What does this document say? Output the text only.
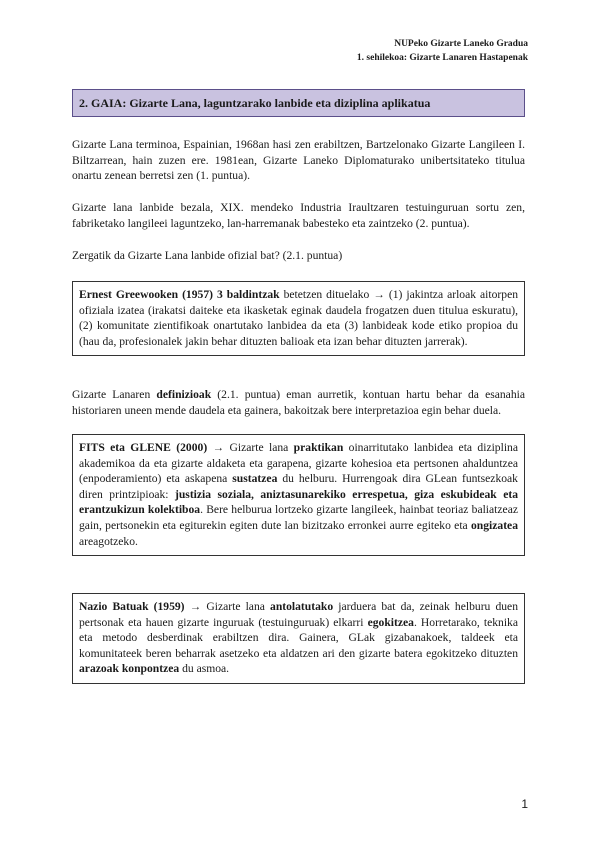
NUPeko Gizarte Laneko Gradua
1. sehilekoa: Gizarte Lanaren Hastapenak
2. GAIA: Gizarte Lana, laguntzarako lanbide eta diziplina aplikatua

Gizarte Lana terminoa, Espainian, 1968an hasi zen erabiltzen, Bartzelonako Gizarte Langileen I. Biltzarrean, hain zuzen ere. 1981ean, Gizarte Laneko Diplomaturako unibertsitateko titulua onartu zenean berretsi zen (1. puntua).

Gizarte lana lanbide bezala, XIX. mendeko Industria Iraultzaren testuinguruan sortu zen, fabriketako langileei laguntzeko, lan-harremanak babesteko eta zaintzeko (2. puntua).

Zergatik da Gizarte Lana lanbide ofizial bat? (2.1. puntua)

Ernest Greewooken (1957) 3 baldintzak betetzen dituelako → (1) jakintza arloak aitorpen ofiziala izatea (irakatsi daiteke eta ikasketak eginak daudela frogatzen duen titulua eskuratu), (2) komunitate zientifikoak onartutako lanbidea da eta (3) lanbideak kode etiko propioa du (hau da, profesionalek jakin behar dituzten balioak eta izan behar dituzten jarrerak).

Gizarte Lanaren definizioak (2.1. puntua) eman aurretik, kontuan hartu behar da esanahia historiaren uneen mende daudela eta gainera, bakoitzak bere interpretazioa egin behar duela.

FITS eta GLENE (2000) → Gizarte lana praktikan oinarritutako lanbidea eta diziplina akademikoa da eta gizarte aldaketa eta garapena, gizarte kohesioa eta pertsonen ahalduntzea (enpoderamiento) eta askapena sustatzea du helburu. Hurrengoak dira GLean funtsezkoak diren printzipioak: justizia soziala, aniztasunarekiko errespetua, giza eskubideak eta erantzukizun kolektiboa. Bere helburua lortzeko gizarte langileek, hainbat teoriaz baliatzeaz gain, pertsonekin eta egiturekin egiten dute lan bizitzako erronkei aurre egiteko eta ongizatea areagotzeko.

Nazio Batuak (1959) → Gizarte lana antolatutako jarduera bat da, zeinak helburu duen pertsonak eta hauen gizarte inguruak (testuinguruak) elkarri egokitzea. Horretarako, teknika eta metodo desberdinak erabiltzen dira. Gainera, GLak gizabanakoek, taldeek eta komunitateek beren beharrak asetzeko eta aldatzen ari den gizarte batera egokitzeko dituzten arazoak konpontzea du asmoa.

1
